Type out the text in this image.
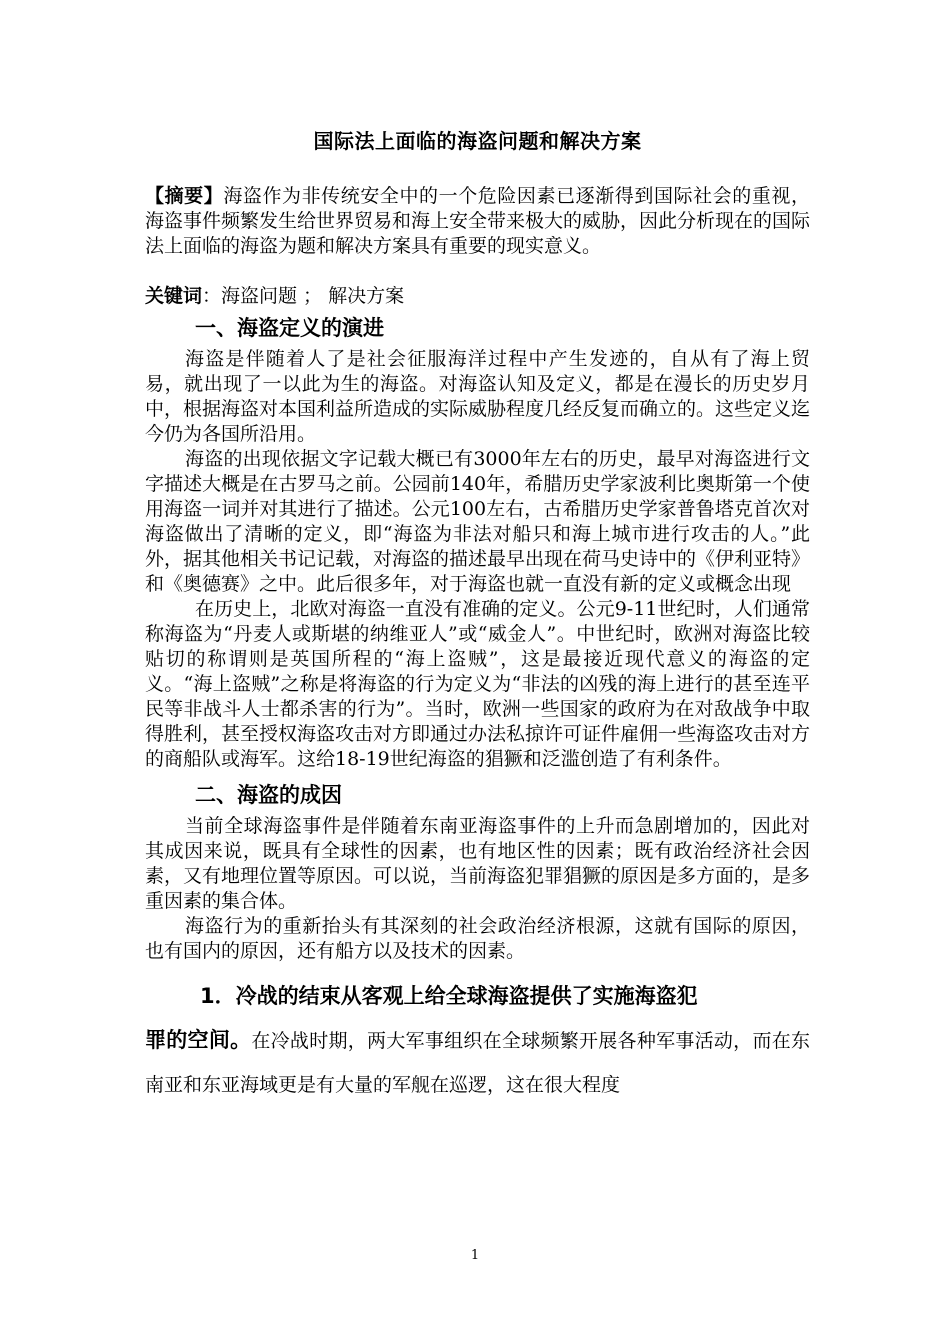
国际法上面临的海盗问题和解决方案

【摘要】海盗作为非传统安全中的一个危险因素已逐渐得到国际社会的重视，海盗事件频繁发生给世界贸易和海上安全带来极大的威胁，因此分析现在的国际法上面临的海盗为题和解决方案具有重要的现实意义。

关键词：海盗问题 ； 解决方案

一、海盗定义的演进

海盗是伴随着人了是社会征服海洋过程中产生发迹的，自从有了海上贸易，就出现了一以此为生的海盗。对海盗认知及定义，都是在漫长的历史岁月中，根据海盗对本国利益所造成的实际威胁程度几经反复而确立的。这些定义迄今仍为各国所沿用。

海盗的出现依据文字记载大概已有3000年左右的历史，最早对海盗进行文字描述大概是在古罗马之前。公园前140年，希腊历史学家波利比奥斯第一个使用海盗一词并对其进行了描述。公元100左右，古希腊历史学家普鲁塔克首次对海盗做出了清晰的定义，即“海盗为非法对船只和海上城市进行攻击的人。”此外，据其他相关书记记载，对海盗的描述最早出现在荷马史诗中的《伊利亚特》和《奥德赛》之中。此后很多年，对于海盗也就一直没有新的定义或概念出现

在历史上，北欧对海盗一直没有准确的定义。公元9-11世纪时，人们通常称海盗为“丹麦人或斯堪的纳维亚人”或“威金人”。中世纪时，欧洲对海盗比较贴切的称谓则是英国所程的“海上盗贼”，这是最接近现代意义的海盗的定义。“海上盗贼”之称是将海盗的行为定义为“非法的凶残的海上进行的甚至连平民等非战斗人士都杀害的行为”。当时，欧洲一些国家的政府为在对敌战争中取得胜利，甚至授权海盗攻击对方即通过办法私掠许可证件雇佣一些海盗攻击对方的商船队或海军。这给18-19世纪海盗的猖獗和泛滥创造了有利条件。

二、海盗的成因

当前全球海盗事件是伴随着东南亚海盗事件的上升而急剧增加的，因此对其成因来说，既具有全球性的因素，也有地区性的因素；既有政治经济社会因素，又有地理位置等原因。可以说，当前海盗犯罪猖獗的原因是多方面的，是多重因素的集合体。

海盗行为的重新抬头有其深刻的社会政治经济根源，这就有国际的原因，也有国内的原因，还有船方以及技术的因素。

1．冷战的结束从客观上给全球海盗提供了实施海盗犯

罪的空间。在冷战时期，两大军事组织在全球频繁开展各种军事活动，而在东南亚和东亚海域更是有大量的军舰在巡逻，这在很大程度

1
